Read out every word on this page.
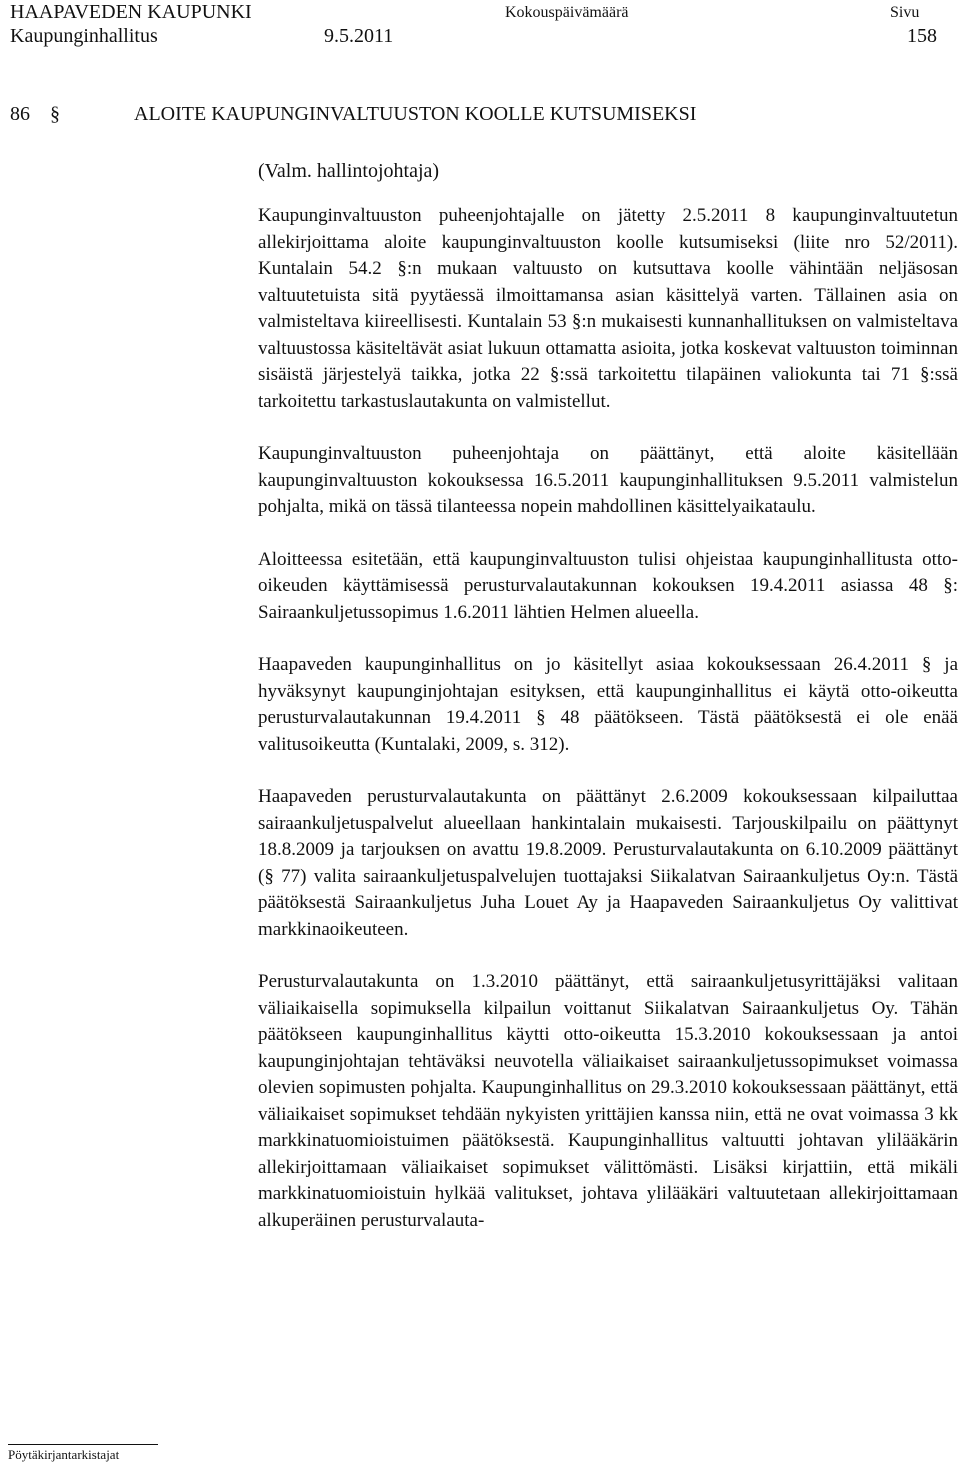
HAAPAVEDEN KAUPUNKI
Kaupunginhallitus
Kokouspäivämäärä
9.5.2011
Sivu
158
86 §	ALOITE KAUPUNGINVALTUUSTON KOOLLE KUTSUMISEKSI
(Valm. hallintojohtaja)

Kaupunginvaltuuston puheenjohtajalle on jätetty 2.5.2011 8 kaupunginvaltuutetun allekirjoittama aloite kaupunginvaltuuston koolle kutsumiseksi (liite nro 52/2011). Kuntalain 54.2 §:n mukaan valtuusto on kutsuttava koolle vähintään neljäsosan valtuutetuista sitä pyytäessä ilmoittamansa asian käsittelyä varten. Tällainen asia on valmisteltava kiireellisesti. Kuntalain 53 §:n mukaisesti kunnanhallituksen on valmisteltava valtuustossa käsiteltävät asiat lukuun ottamatta asioita, jotka koskevat valtuuston toiminnan sisäistä järjestelyä taikka, jotka 22 §:ssä tarkoitettu tilapäinen valiokunta tai 71 §:ssä tarkoitettu tarkastuslautakunta on valmistellut.

Kaupunginvaltuuston puheenjohtaja on päättänyt, että aloite käsitellään kaupunginvaltuuston kokouksessa 16.5.2011 kaupunginhallituksen 9.5.2011 valmistelun pohjalta, mikä on tässä tilanteessa nopein mahdollinen käsittelyaikataulu.

Aloitteessa esitetään, että kaupunginvaltuuston tulisi ohjeistaa kaupunginhallitusta otto-oikeuden käyttämisessä perusturvalautakunnan kokouksen 19.4.2011 asiassa 48 §: Sairaankuljetussopimus 1.6.2011 lähtien Helmen alueella.

Haapaveden kaupunginhallitus on jo käsitellyt asiaa kokouksessaan 26.4.2011 § ja hyväksynyt kaupunginjohtajan esityksen, että kaupunginhallitus ei käytä otto-oikeutta perusturvalautakunnan 19.4.2011 § 48 päätökseen. Tästä päätöksestä ei ole enää valitusoikeutta (Kuntalaki, 2009, s. 312).

Haapaveden perusturvalautakunta on päättänyt 2.6.2009 kokouksessaan kilpailuttaa sairaankuljetuspalvelut alueellaan hankintalain mukaisesti. Tarjouskilpailu on päättynyt 18.8.2009 ja tarjouksen on avattu 19.8.2009. Perusturvalautakunta on 6.10.2009 päättänyt (§ 77) valita sairaankuljetuspalvelujen tuottajaksi Siikalatvan Sairaankuljetus Oy:n. Tästä päätöksestä Sairaankuljetus Juha Louet Ay ja Haapaveden Sairaankuljetus Oy valittivat markkinaoikeuteen.

Perusturvalautakunta on 1.3.2010 päättänyt, että sairaankuljetusyrittäjäksi valitaan väliaikaisella sopimuksella kilpailun voittanut Siikalatvan Sairaankuljetus Oy. Tähän päätökseen kaupunginhallitus käytti otto-oikeutta 15.3.2010 kokouksessaan ja antoi kaupunginjohtajan tehtäväksi neuvotella väliaikaiset sairaankuljetussopimukset voimassa olevien sopimusten pohjalta. Kaupunginhallitus on 29.3.2010 kokouksessaan päättänyt, että väliaikaiset sopimukset tehdään nykyisten yrittäjien kanssa niin, että ne ovat voimassa 3 kk markkinatuomioistuimen päätöksestä. Kaupunginhallitus valtuutti johtavan ylilääkärin allekirjoittamaan väliaikaiset sopimukset välittömästi. Lisäksi kirjattiin, että mikäli markkinatuomioistuin hylkää valitukset, johtava ylilääkäri valtuutetaan allekirjoittamaan alkuperäinen perusturvalauta-

Pöytäkirjantarkistajat
